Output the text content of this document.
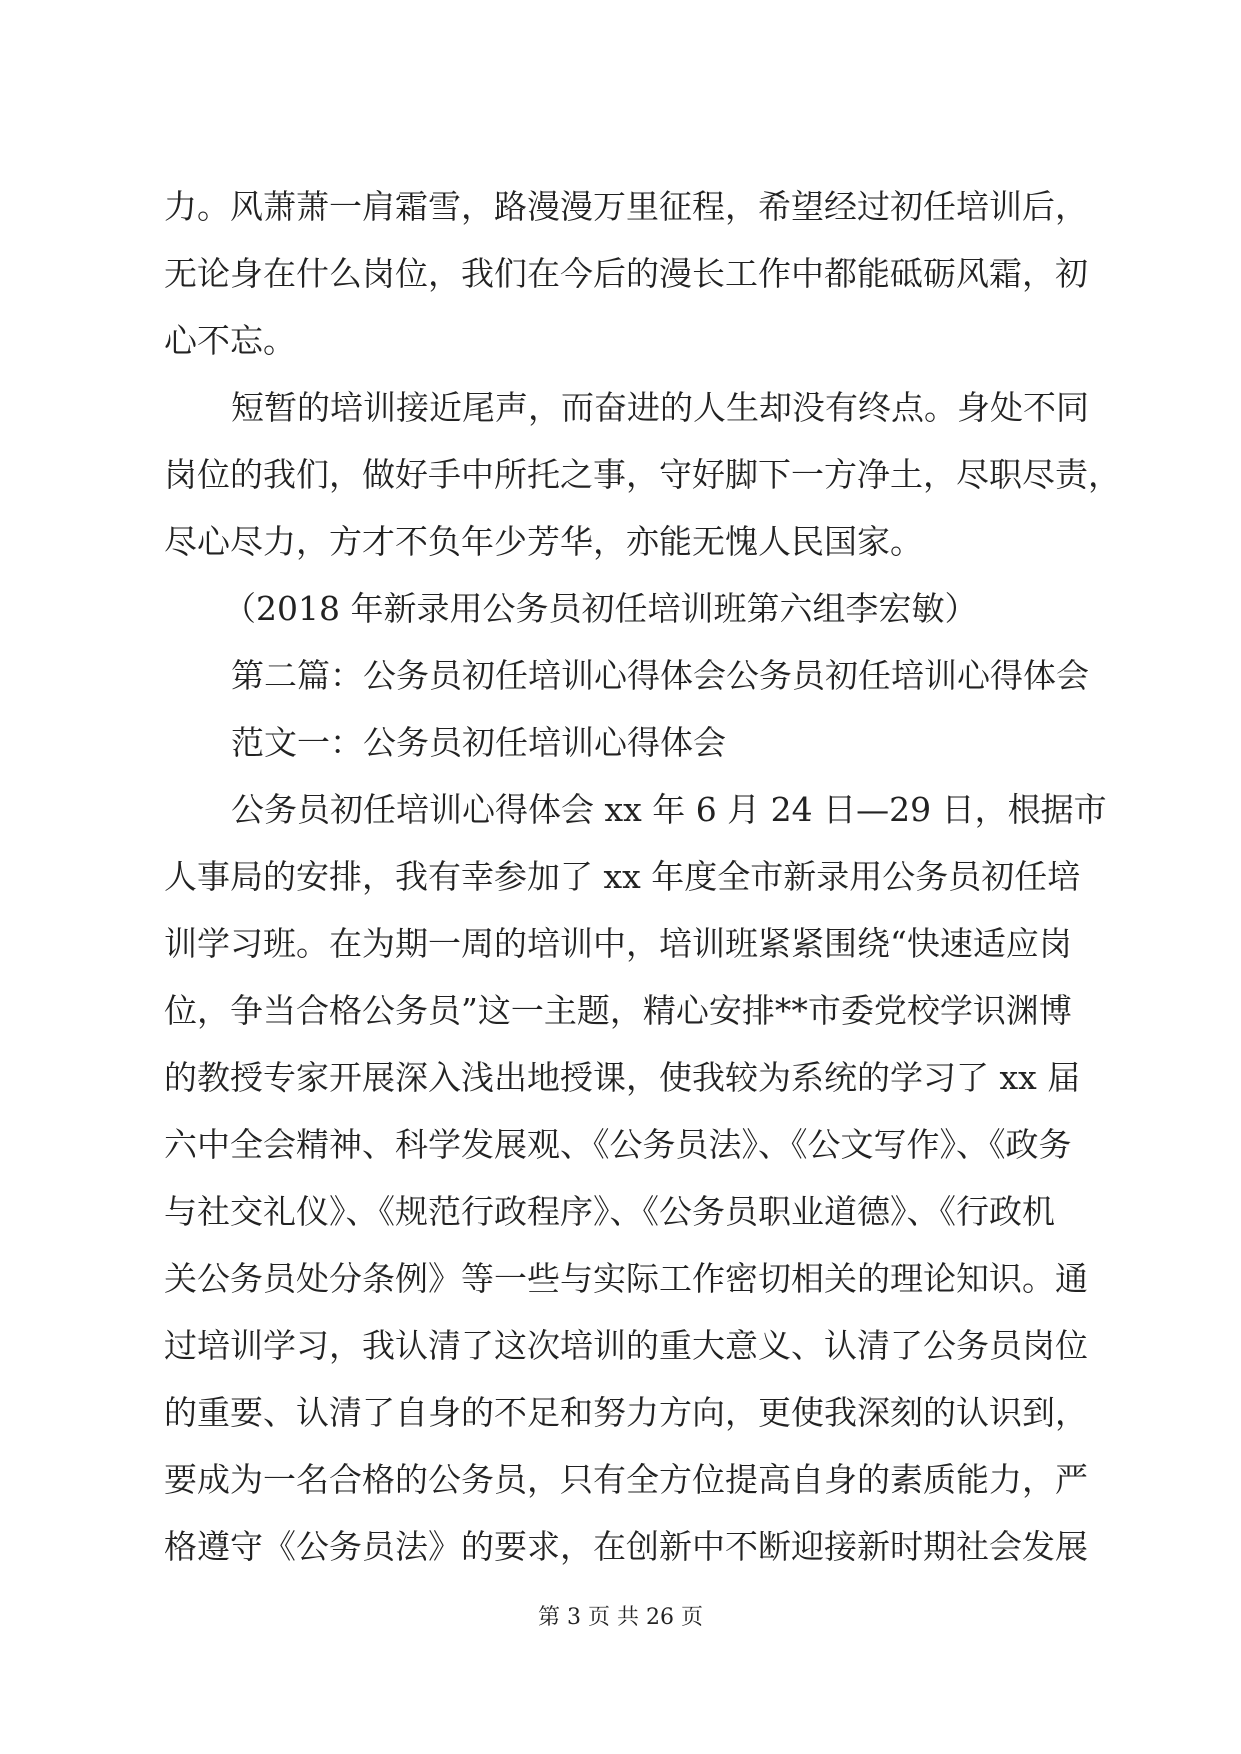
力。风萧萧一肩霜雪，路漫漫万里征程，希望经过初任培训后，
无论身在什么岗位，我们在今后的漫长工作中都能砥砺风霜，初
心不忘。
短暂的培训接近尾声，而奋进的人生却没有终点。身处不同
岗位的我们，做好手中所托之事，守好脚下一方净土，尽职尽责，
尽心尽力，方才不负年少芳华，亦能无愧人民国家。
（2018 年新录用公务员初任培训班第六组李宏敏）
第二篇：公务员初任培训心得体会公务员初任培训心得体会
范文一：公务员初任培训心得体会
公务员初任培训心得体会 xx 年 6 月 24 日—29 日，根据市
人事局的安排，我有幸参加了 xx 年度全市新录用公务员初任培
训学习班。在为期一周的培训中，培训班紧紧围绕“快速适应岗
位，争当合格公务员”这一主题，精心安排**市委党校学识渊博
的教授专家开展深入浅出地授课，使我较为系统的学习了 xx 届
六中全会精神、科学发展观、《公务员法》、《公文写作》、《政务
与社交礼仪》、《规范行政程序》、《公务员职业道德》、《行政机
关公务员处分条例》等一些与实际工作密切相关的理论知识。通
过培训学习，我认清了这次培训的重大意义、认清了公务员岗位
的重要、认清了自身的不足和努力方向，更使我深刻的认识到，
要成为一名合格的公务员，只有全方位提高自身的素质能力，严
格遵守《公务员法》的要求，在创新中不断迎接新时期社会发展
第 3 页 共 26 页
